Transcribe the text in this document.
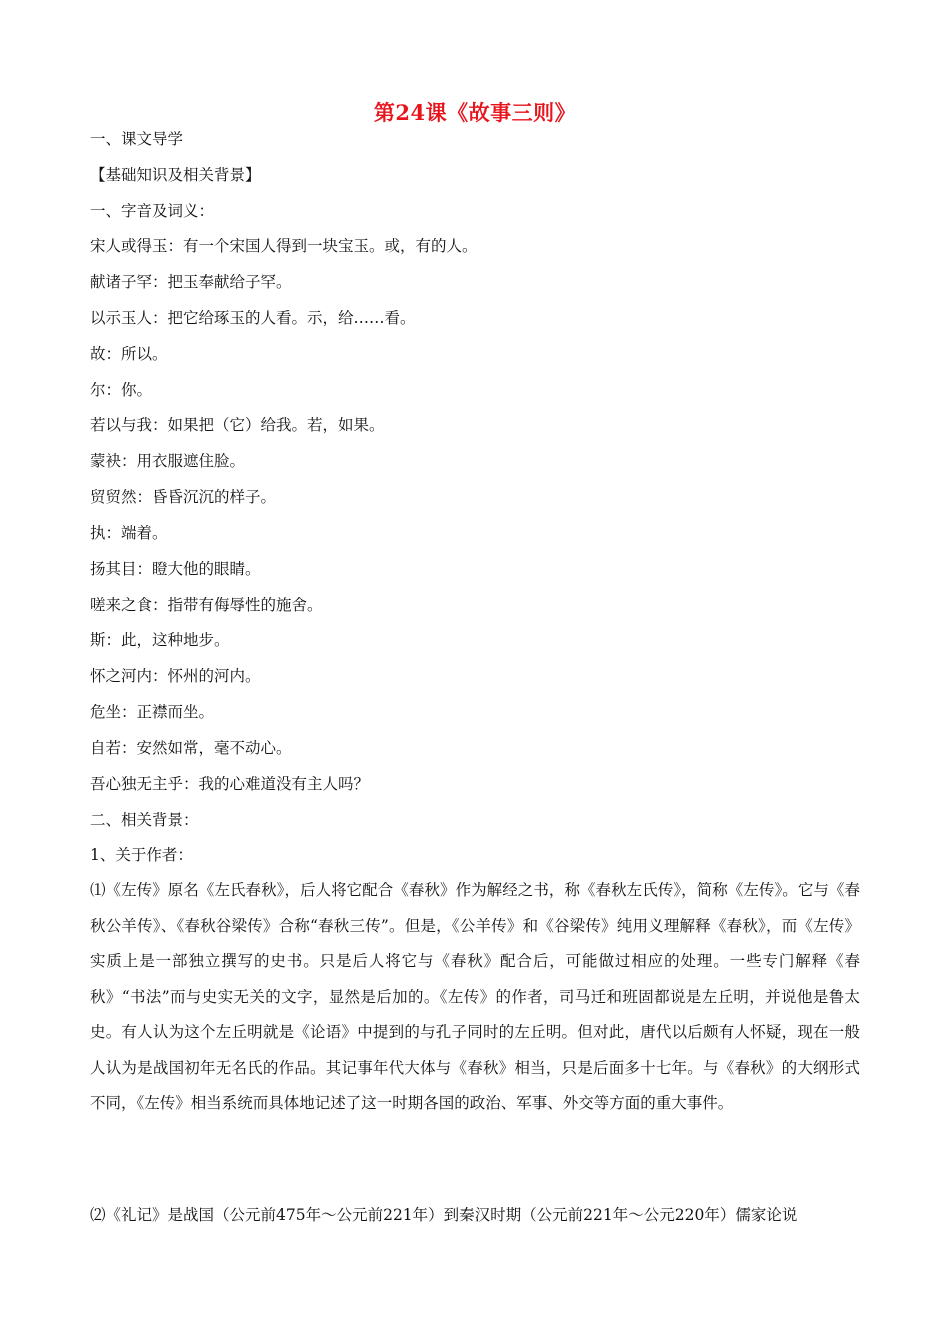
第24课《故事三则》
一、课文导学
【基础知识及相关背景】
一、字音及词义：
宋人或得玉：有一个宋国人得到一块宝玉。或，有的人。
献诸子罕：把玉奉献给子罕。
以示玉人：把它给琢玉的人看。示，给……看。
故：所以。
尔：你。
若以与我：如果把（它）给我。若，如果。
蒙袂：用衣服遮住脸。
贸贸然：昏昏沉沉的样子。
执：端着。
扬其目：瞪大他的眼睛。
嗟来之食：指带有侮辱性的施舍。
斯：此，这种地步。
怀之河内：怀州的河内。
危坐：正襟而坐。
自若：安然如常，毫不动心。
吾心独无主乎：我的心难道没有主人吗？
二、相关背景：
1、关于作者：
⑴《左传》原名《左氏春秋》，后人将它配合《春秋》作为解经之书，称《春秋左氏传》，简称《左传》。它与《春秋公羊传》、《春秋谷梁传》合称“春秋三传”。但是，《公羊传》和《谷梁传》纯用义理解释《春秋》，而《左传》实质上是一部独立撰写的史书。只是后人将它与《春秋》配合后，可能做过相应的处理。一些专门解释《春秋》“书法”而与史实无关的文字，显然是后加的。《左传》的作者，司马迁和班固都说是左丘明，并说他是鲁太史。有人认为这个左丘明就是《论语》中提到的与孔子同时的左丘明。但对此，唐代以后颇有人怀疑，现在一般人认为是战国初年无名氏的作品。其记事年代大体与《春秋》相当，只是后面多十七年。与《春秋》的大纲形式不同，《左传》相当系统而具体地记述了这一时期各国的政治、军事、外交等方面的重大事件。
⑵《礼记》是战国（公元前475年～公元前221年）到秦汉时期（公元前221年～公元220年）儒家论说
